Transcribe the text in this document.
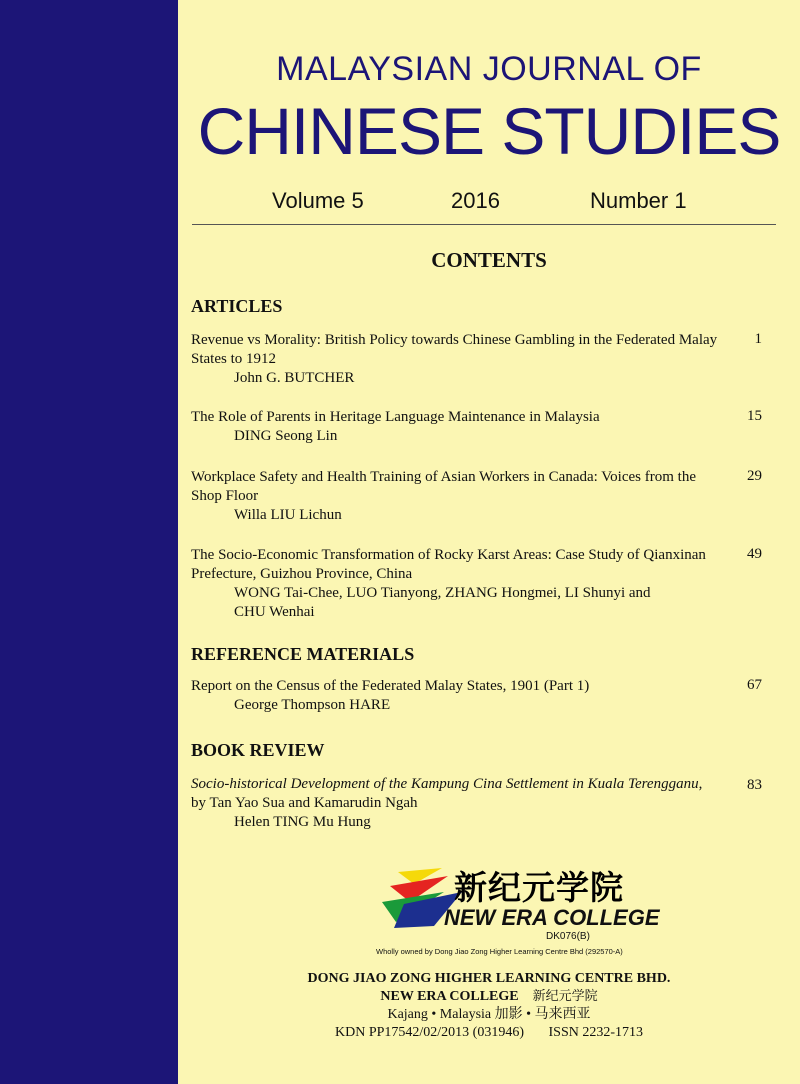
MALAYSIAN JOURNAL OF
CHINESE STUDIES
Volume 5	2016	Number 1
CONTENTS
ARTICLES
Revenue vs Morality: British Policy towards Chinese Gambling in the Federated Malay States to 1912
John G. BUTCHER
1
The Role of Parents in Heritage Language Maintenance in Malaysia
DING Seong Lin
15
Workplace Safety and Health Training of Asian Workers in Canada: Voices from the Shop Floor
Willa LIU Lichun
29
The Socio-Economic Transformation of Rocky Karst Areas: Case Study of Qianxinan Prefecture, Guizhou Province, China
WONG Tai-Chee, LUO Tianyong, ZHANG Hongmei, LI Shunyi and CHU Wenhai
49
REFERENCE MATERIALS
Report on the Census of the Federated Malay States, 1901 (Part 1)
George Thompson HARE
67
BOOK REVIEW
Socio-historical Development of the Kampung Cina Settlement in Kuala Terengganu, by Tan Yao Sua and Kamarudin Ngah
Helen TING Mu Hung
83
新纪元学院
NEW ERA COLLEGE
DK076(B)
Wholly owned by Dong Jiao Zong Higher Learning Centre Bhd (292570-A)
DONG JIAO ZONG HIGHER LEARNING CENTRE BHD.
NEW ERA COLLEGE 新纪元学院
Kajang • Malaysia 加影 • 马来西亚
KDN PP17542/02/2013 (031946) ISSN 2232-1713
